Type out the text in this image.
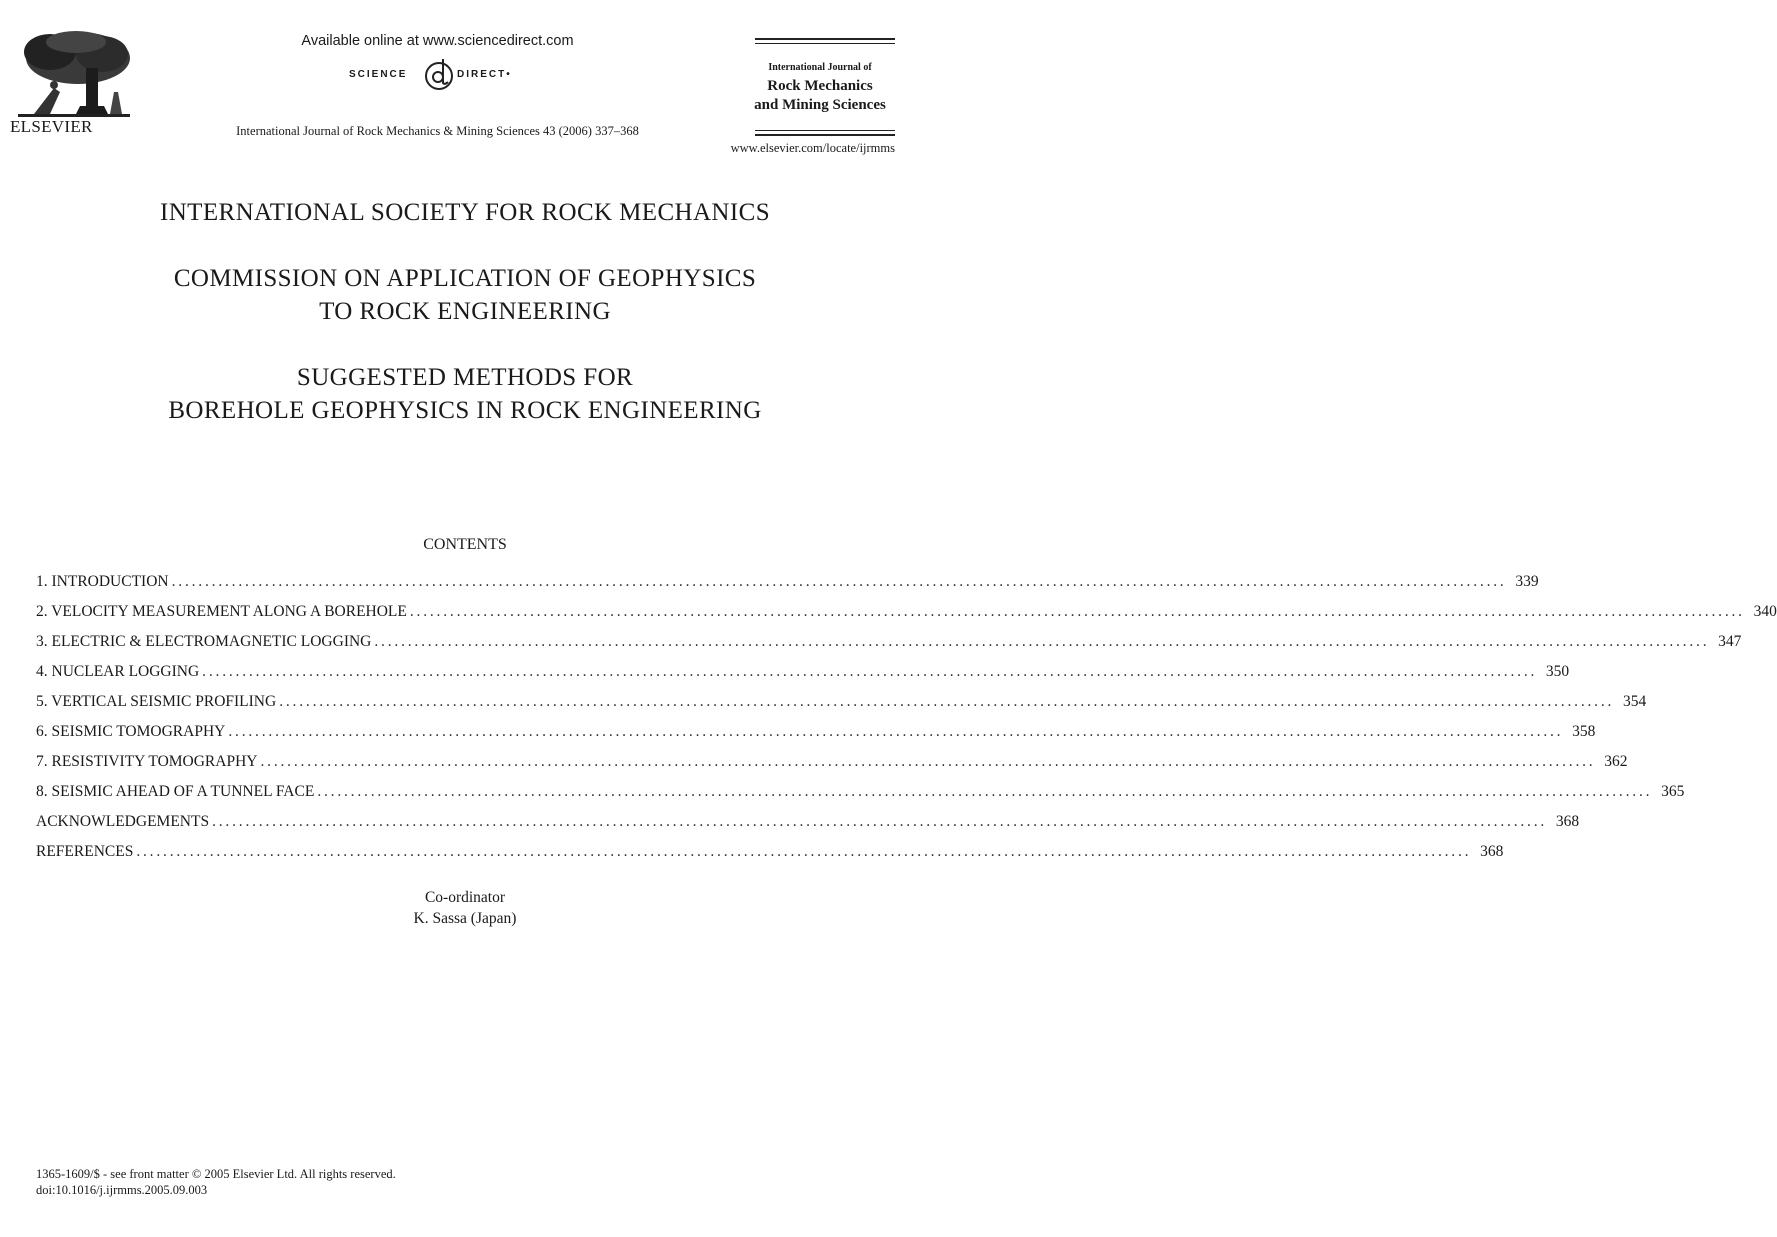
ELSEVIER
Available online at www.sciencedirect.com
SCIENCE	DIRECT•
International Journal of Rock Mechanics & Mining Sciences 43 (2006) 337–368
International Journal of
Rock Mechanics
and Mining Sciences
www.elsevier.com/locate/ijrmms
INTERNATIONAL SOCIETY FOR ROCK MECHANICS
COMMISSION ON APPLICATION OF GEOPHYSICS
TO ROCK ENGINEERING
SUGGESTED METHODS FOR
BOREHOLE GEOPHYSICS IN ROCK ENGINEERING
CONTENTS
1. INTRODUCTION ........................................................................................................................................................................................................ 339
2. VELOCITY MEASUREMENT ALONG A BOREHOLE ........................................................................................................................................................................................................ 340
3. ELECTRIC & ELECTROMAGNETIC LOGGING ........................................................................................................................................................................................................ 347
4. NUCLEAR LOGGING ........................................................................................................................................................................................................ 350
5. VERTICAL SEISMIC PROFILING ........................................................................................................................................................................................................ 354
6. SEISMIC TOMOGRAPHY ........................................................................................................................................................................................................ 358
7. RESISTIVITY TOMOGRAPHY ........................................................................................................................................................................................................ 362
8. SEISMIC AHEAD OF A TUNNEL FACE ........................................................................................................................................................................................................ 365
ACKNOWLEDGEMENTS ........................................................................................................................................................................................................ 368
REFERENCES ........................................................................................................................................................................................................ 368
Co-ordinator
K. Sassa (Japan)
1365-1609/$ - see front matter © 2005 Elsevier Ltd. All rights reserved.
doi:10.1016/j.ijrmms.2005.09.003
